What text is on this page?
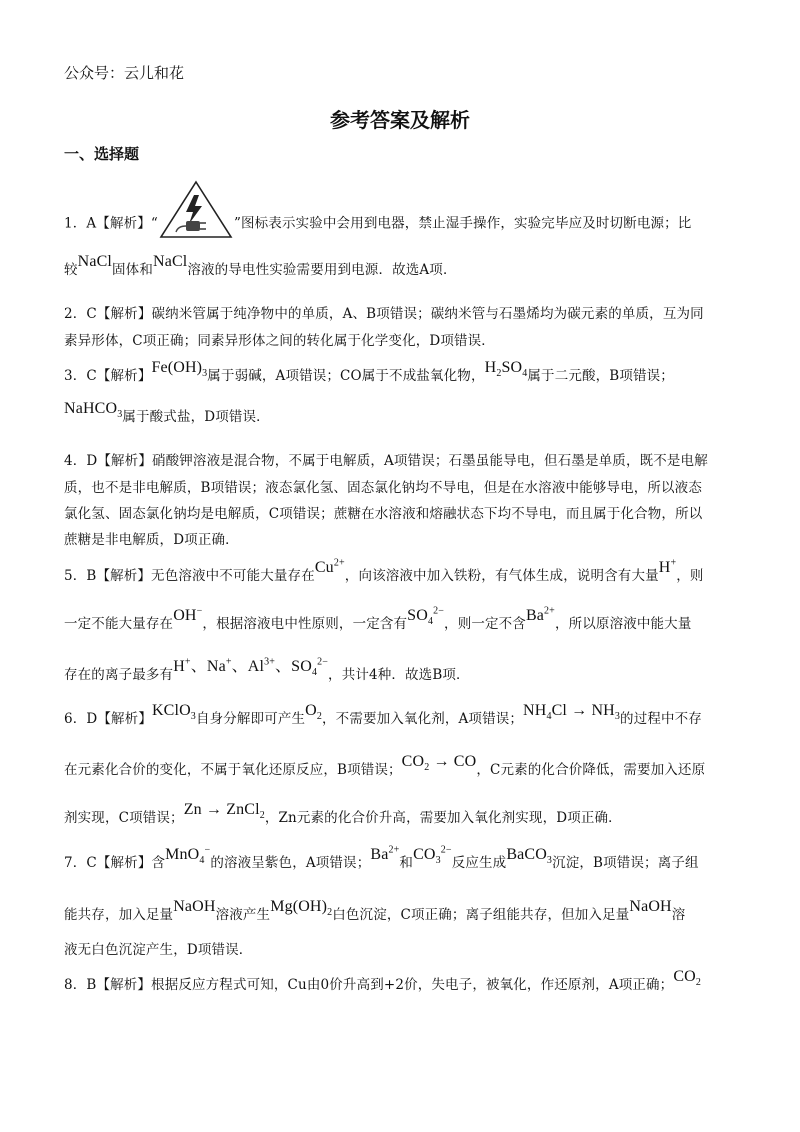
公众号：云儿和花
参考答案及解析
一、选择题
1．A【解析】“	”图标表示实验中会用到电器，禁止湿手操作，实验完毕应及时切断电源；比
较NaCl固体和NaCl溶液的导电性实验需要用到电源．故选A项．
2．C【解析】碳纳米管属于纯净物中的单质，A、B项错误；碳纳米管与石墨烯均为碳元素的单质，互为同
素异形体，C项正确；同素异形体之间的转化属于化学变化，D项错误．
3．C【解析】$Fe(OH)_3$属于弱碱，A项错误；CO属于不成盐氧化物，$H_2SO_4$属于二元酸，B项错误；
NaHCO$_3$属于酸式盐，D项错误．
4．D【解析】硝酸钾溶液是混合物，不属于电解质，A项错误；石墨虽能导电，但石墨是单质，既不是电解
质，也不是非电解质，B项错误；液态氯化氢、固态氯化钠均不导电，但是在水溶液中能够导电，所以液态
氯化氢、固态氯化钠均是电解质，C项错误；蔗糖在水溶液和熔融状态下均不导电，而且属于化合物，所以
蔗糖是非电解质，D项正确．
5．B【解析】无色溶液中不可能大量存在$Cu^{2+}$，向该溶液中加入铁粉，有气体生成，说明含有大量H+，则
一定不能大量存在OH−，根据溶液电中性原则，一定含有$SO_4^{2-}$，则一定不含$Ba^{2+}$，所以原溶液中能大量
存在的离子最多有H+、Na+、$Al^{3+}$、$SO_4^{2-}$，共计4种．故选B项．
6．D【解析】KClO$_3$自身分解即可产生$O_2$，不需要加入氧化剂，A项错误；$NH_4Cl \to NH_3$的过程中不存
在元素化合价的变化，不属于氧化还原反应，B项错误；$CO_2$ → CO，C元素的化合价降低，需要加入还原
剂实现，C项错误；Zn → ZnCl$_2$，Zn元素的化合价升高，需要加入氧化剂实现，D项正确．
7．C【解析】含MnO$_4$−的溶液呈紫色，A项错误；$Ba^{2+}$和$CO_3^{2-}$反应生成BaCO$_3$沉淀，B项错误；离子组
能共存，加入足量NaOH溶液产生$Mg(OH)_2$白色沉淀，C项正确；离子组能共存，但加入足量NaOH溶
液无白色沉淀产生，D项错误．
8．B【解析】根据反应方程式可知，Cu由0价升高到+2价，失电子，被氧化，作还原剂，A项正确；$CO_2$
